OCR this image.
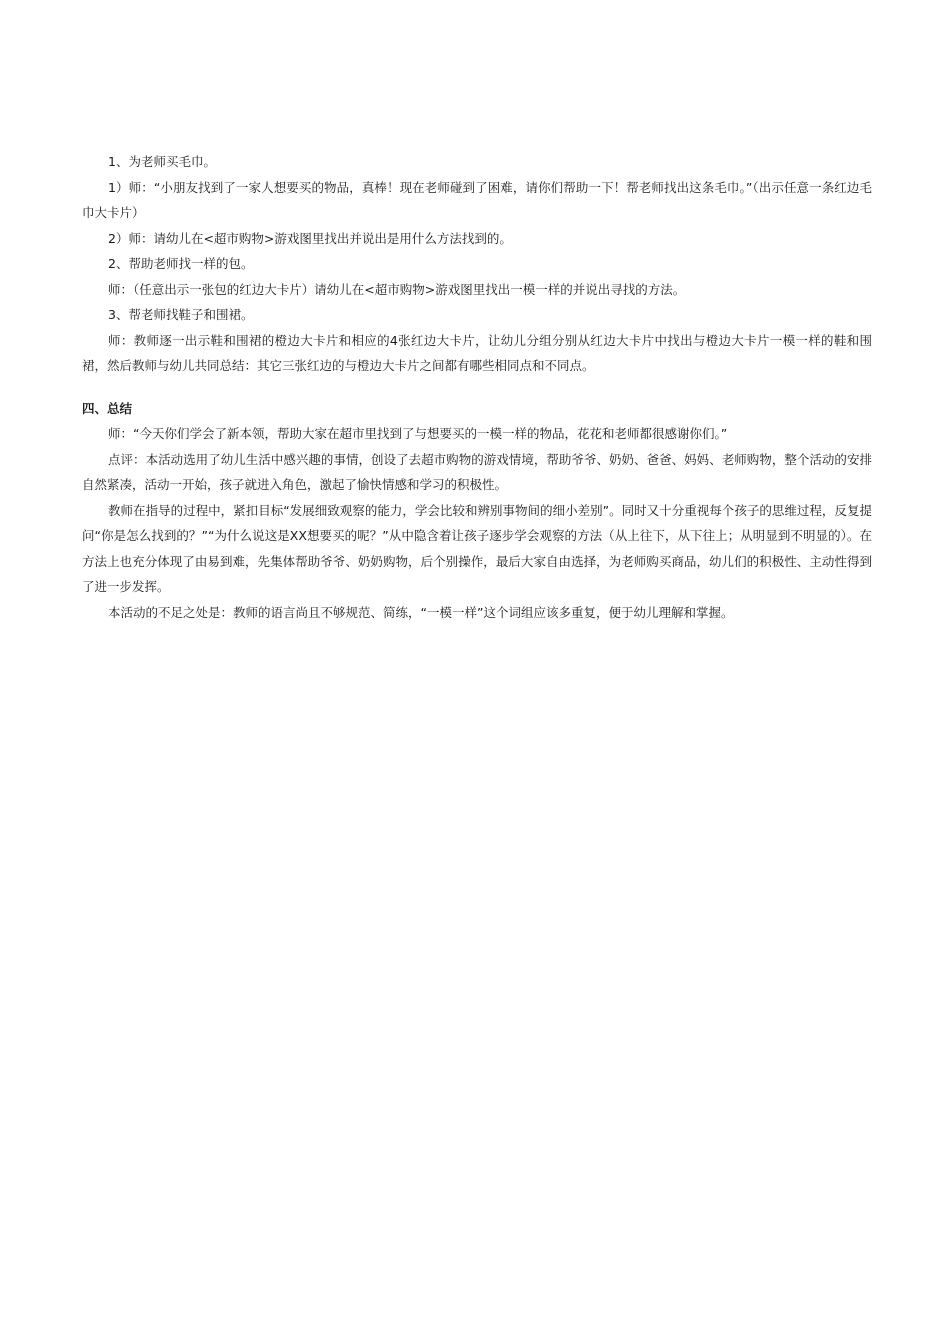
1、为老师买毛巾。

1）师：“小朋友找到了一家人想要买的物品，真棒！现在老师碰到了困难，请你们帮助一下！帮老师找出这条毛巾。”（出示任意一条红边毛巾大卡片）

2）师：请幼儿在<超市购物>游戏图里找出并说出是用什么方法找到的。

2、帮助老师找一样的包。

师：（任意出示一张包的红边大卡片）请幼儿在<超市购物>游戏图里找出一模一样的并说出寻找的方法。

3、帮老师找鞋子和围裙。

师：教师逐一出示鞋和围裙的橙边大卡片和相应的4张红边大卡片，让幼儿分组分别从红边大卡片中找出与橙边大卡片一模一样的鞋和围裙，然后教师与幼儿共同总结：其它三张红边的与橙边大卡片之间都有哪些相同点和不同点。

四、总结

师：“今天你们学会了新本领，帮助大家在超市里找到了与想要买的一模一样的物品，花花和老师都很感谢你们。”

点评：本活动选用了幼儿生活中感兴趣的事情，创设了去超市购物的游戏情境，帮助爷爷、奶奶、爸爸、妈妈、老师购物，整个活动的安排自然紧凑，活动一开始，孩子就进入角色，激起了愉快情感和学习的积极性。

教师在指导的过程中，紧扣目标“发展细致观察的能力，学会比较和辨别事物间的细小差别”。同时又十分重视每个孩子的思维过程，反复提问“你是怎么找到的？”“为什么说这是XX想要买的呢？”从中隐含着让孩子逐步学会观察的方法（从上往下，从下往上；从明显到不明显的）。在方法上也充分体现了由易到难，先集体帮助爷爷、奶奶购物，后个别操作，最后大家自由选择，为老师购买商品，幼儿们的积极性、主动性得到了进一步发挥。

本活动的不足之处是：教师的语言尚且不够规范、简练，“一模一样”这个词组应该多重复，便于幼儿理解和掌握。
